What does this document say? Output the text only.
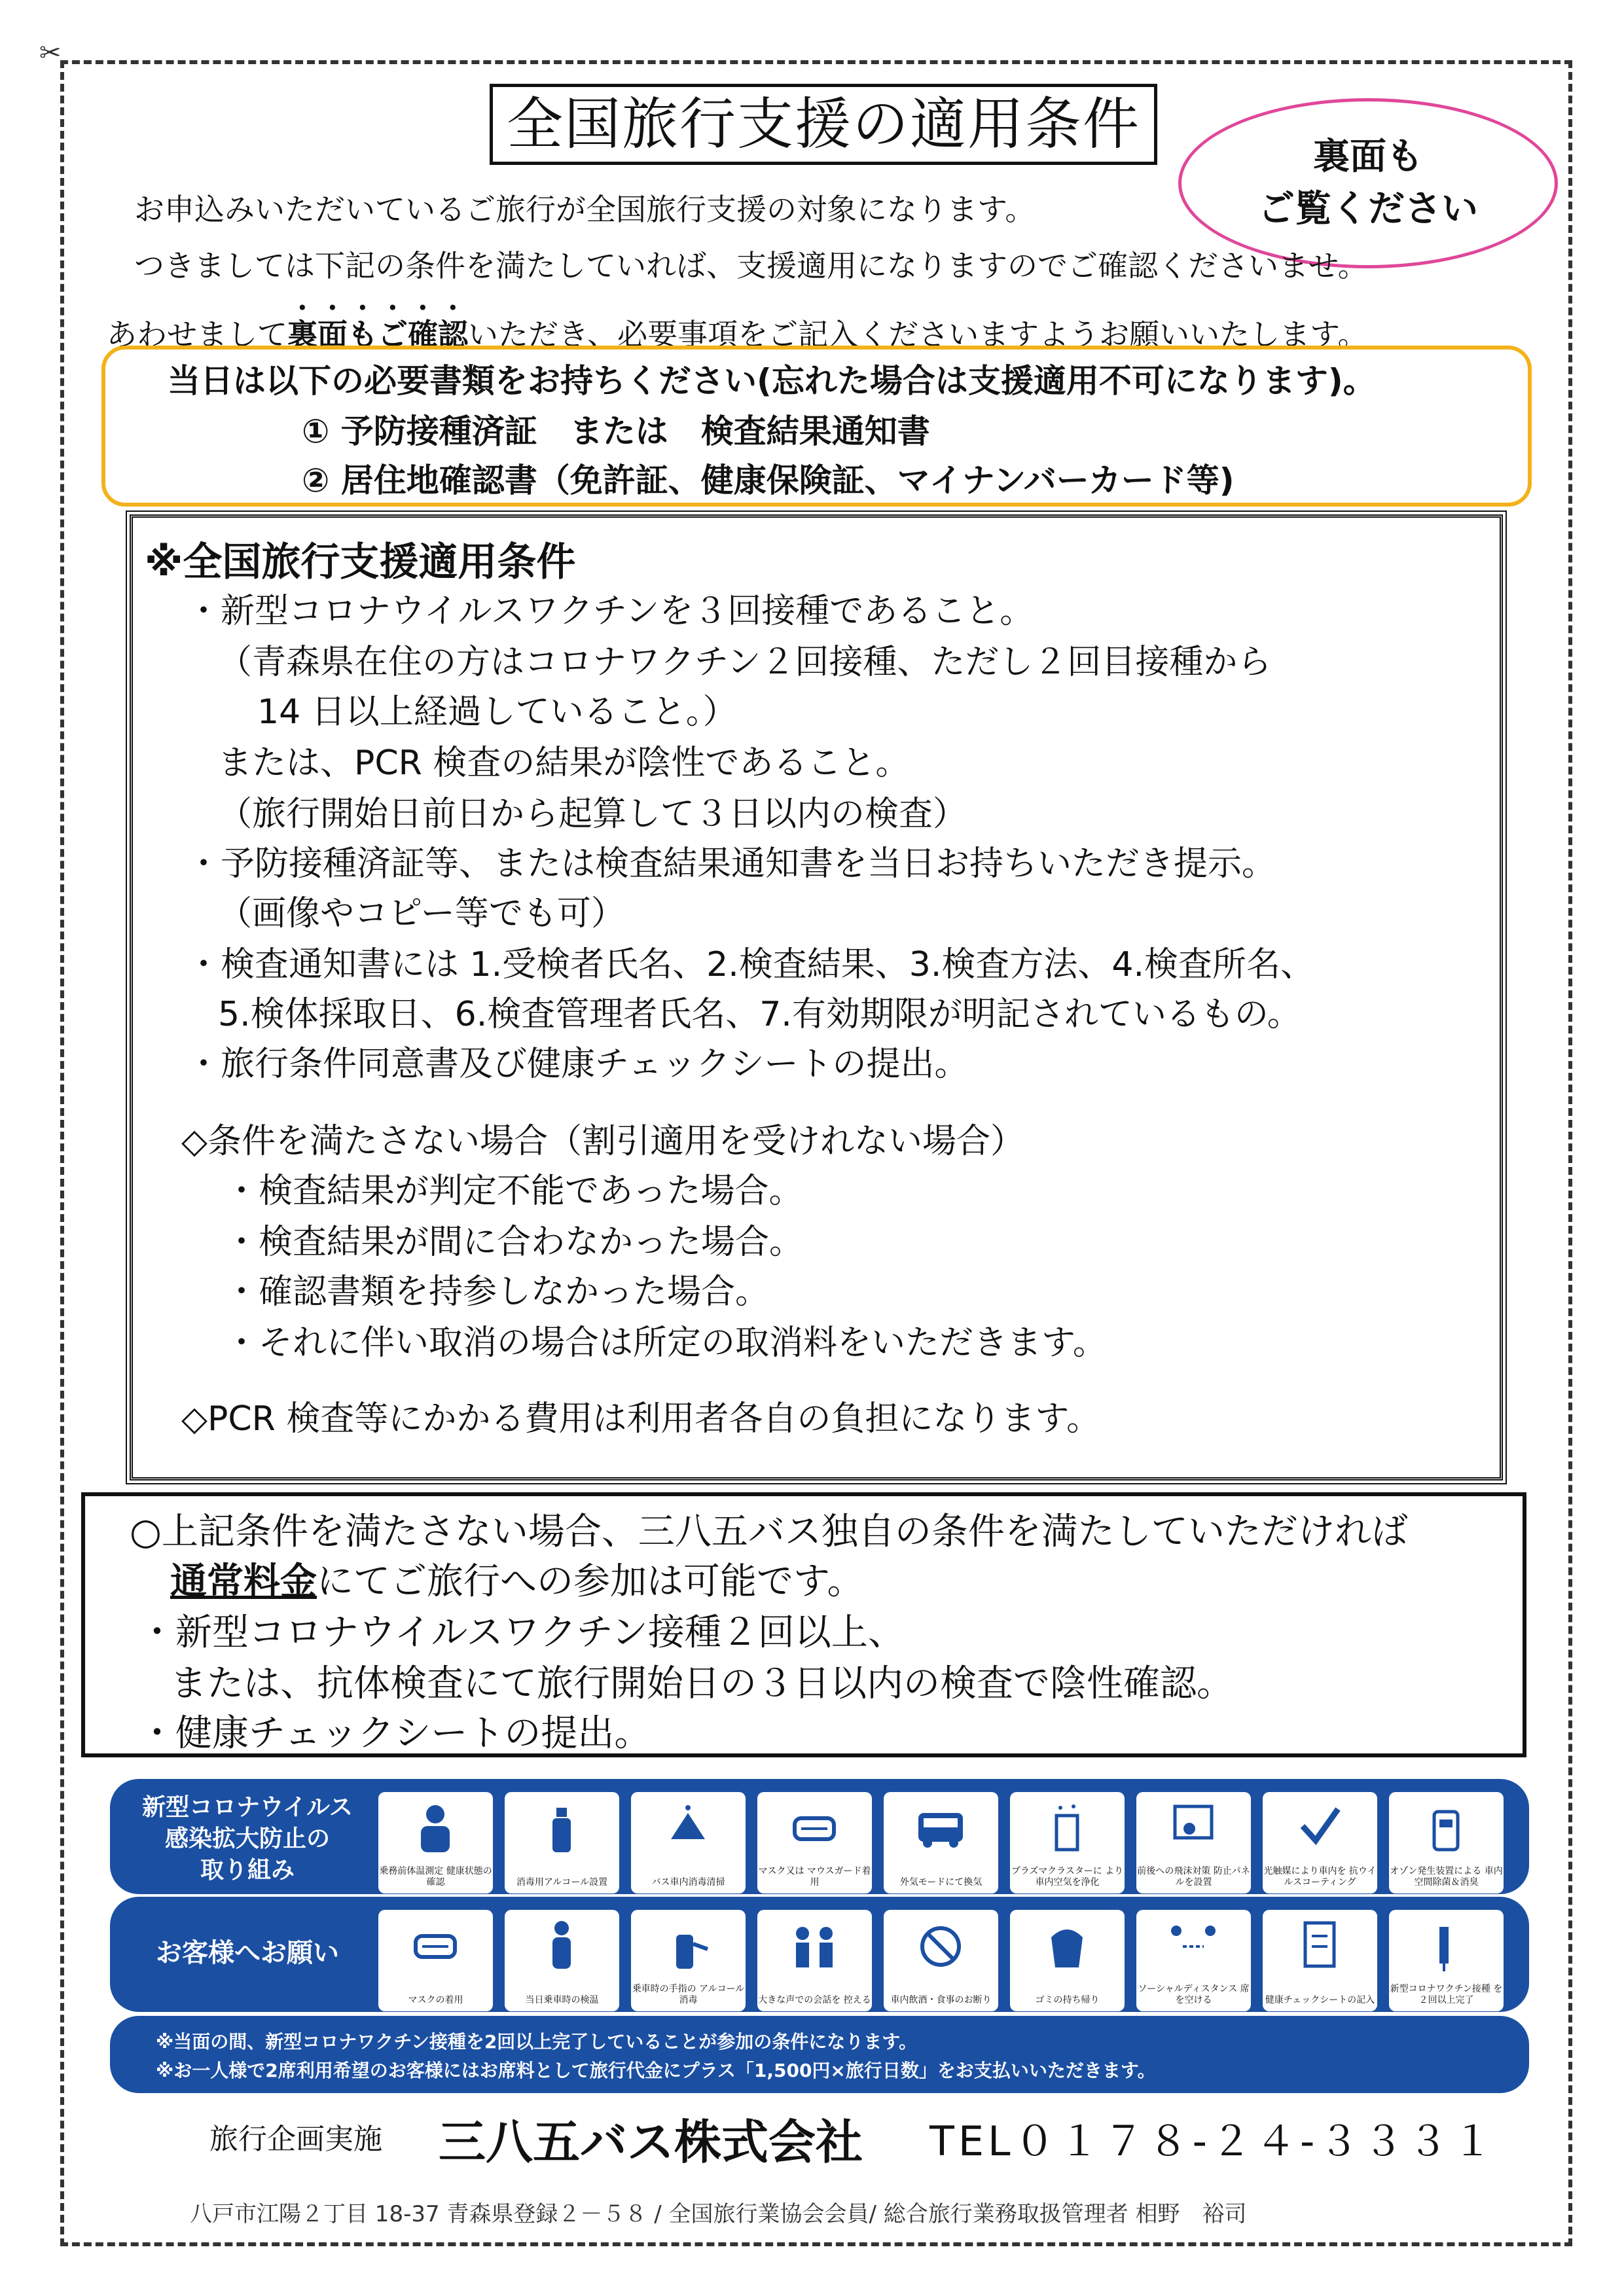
✂
全国旅行支援の適用条件	裏面も
ご覧ください
お申込みいただいているご旅行が全国旅行支援の対象になります。
つきましては下記の条件を満たしていれば、支援適用になりますのでご確認くださいませ。
あわせまして裏面もご確認いただき、必要事項をご記入くださいますようお願いいたします。
当日は以下の必要書類をお持ちください(忘れた場合は支援適用不可になります)。
① 予防接種済証　または　検査結果通知書
② 居住地確認書（免許証、健康保険証、マイナンバーカード等)
※全国旅行支援適用条件
・新型コロナウイルスワクチンを３回接種であること。
（青森県在住の方はコロナワクチン２回接種、ただし２回目接種から
14 日以上経過していること。）
または、PCR 検査の結果が陰性であること。
（旅行開始日前日から起算して３日以内の検査）
・予防接種済証等、または検査結果通知書を当日お持ちいただき提示。
（画像やコピー等でも可）
・検査通知書には 1.受検者氏名、2.検査結果、3.検査方法、4.検査所名、
5.検体採取日、6.検査管理者氏名、7.有効期限が明記されているもの。
・旅行条件同意書及び健康チェックシートの提出。
◇条件を満たさない場合（割引適用を受けれない場合）
・検査結果が判定不能であった場合。
・検査結果が間に合わなかった場合。
・確認書類を持参しなかった場合。
・それに伴い取消の場合は所定の取消料をいただきます。
◇PCR 検査等にかかる費用は利用者各自の負担になります。
○上記条件を満たさない場合、三八五バス独自の条件を満たしていただければ
通常料金にてご旅行への参加は可能です。
・新型コロナウイルスワクチン接種２回以上、
または、抗体検査にて旅行開始日の３日以内の検査で陰性確認。
・健康チェックシートの提出。
新型コロナウイルス
感染拡大防止の
取り組み	乗務前体温測定 健康状態の確認	消毒用アルコール設置	バス車内消毒清掃
マスク又は マウスガード着用	外気モードにて換気
プラズマクラスターに より車内空気を浄化
前後への飛沫対策 防止パネルを設置
光触媒により車内を 抗ウイルスコーティング
オゾン発生装置による 車内空間除菌＆消臭
お客様へお願い
マスクの着用	当日乗車時の検温
乗車時の手指の アルコール消毒	大きな声での会話を 控える	車内飲酒・食事のお断り	ゴミの持ち帰り
ソーシャルディスタンス 席を空ける	健康チェックシートの記入
新型コロナワクチン接種 を２回以上完了
※当面の間、新型コロナワクチン接種を2回以上完了していることが参加の条件になります。
※お一人様で2席利用希望のお客様にはお席料として旅行代金にプラス「1,500円×旅行日数」をお支払いいただきます。
旅行企画実施 三八五バス株式会社 TEL０１７８-２４-３３３１
八戸市江陽２丁目 18-37 青森県登録２－５８ / 全国旅行業協会会員/ 総合旅行業務取扱管理者 相野　裕司
